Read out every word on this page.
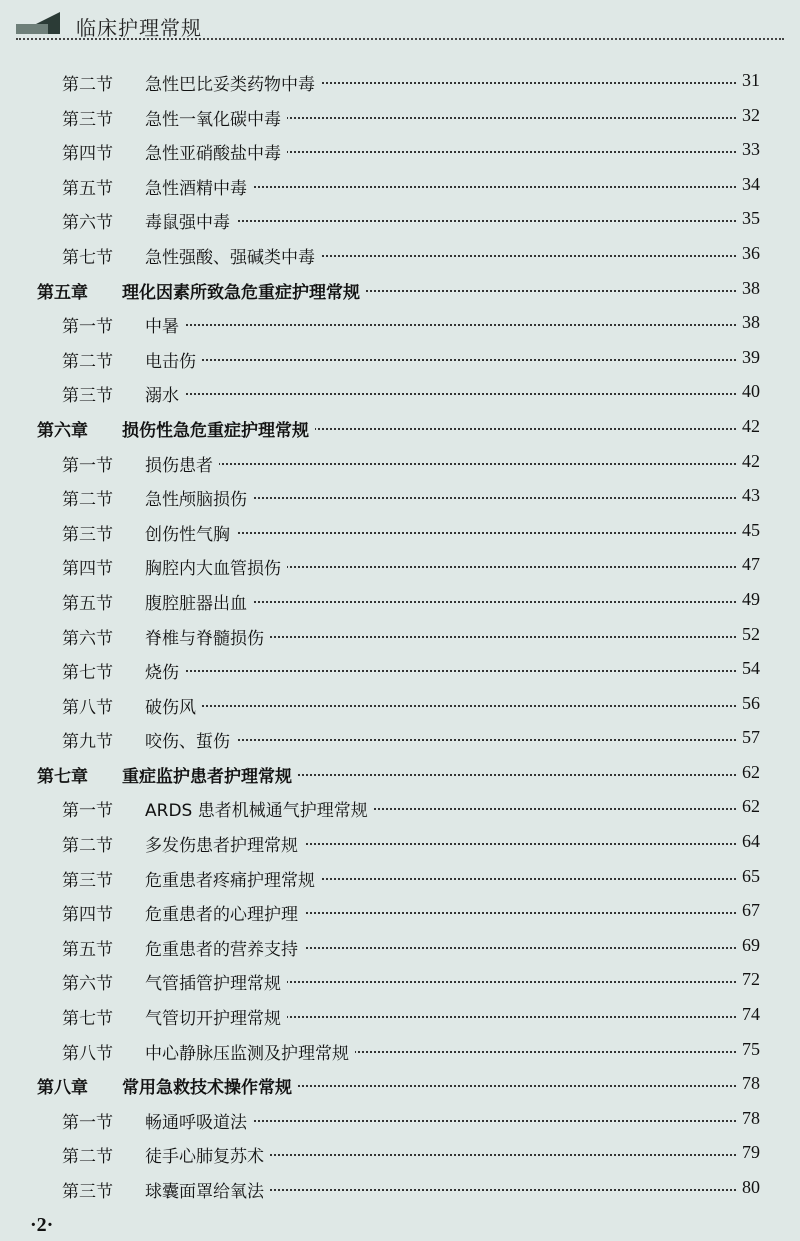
临床护理常规
第二节 急性巴比妥类药物中毒	31
第三节 急性一氧化碳中毒	32
第四节 急性亚硝酸盐中毒	33
第五节 急性酒精中毒	34
第六节 毒鼠强中毒	35
第七节 急性强酸、强碱类中毒	36
第五章 理化因素所致急危重症护理常规	38
第一节 中暑	38
第二节 电击伤	39
第三节 溺水	40
第六章 损伤性急危重症护理常规	42
第一节 损伤患者	42
第二节 急性颅脑损伤	43
第三节 创伤性气胸	45
第四节 胸腔内大血管损伤	47
第五节 腹腔脏器出血	49
第六节 脊椎与脊髓损伤	52
第七节 烧伤	54
第八节 破伤风	56
第九节 咬伤、蜇伤	57
第七章 重症监护患者护理常规	62
第一节 ARDS 患者机械通气护理常规	62
第二节 多发伤患者护理常规	64
第三节 危重患者疼痛护理常规	65
第四节 危重患者的心理护理	67
第五节 危重患者的营养支持	69
第六节 气管插管护理常规	72
第七节 气管切开护理常规	74
第八节 中心静脉压监测及护理常规	75
第八章 常用急救技术操作常规	78
第一节 畅通呼吸道法	78
第二节 徒手心肺复苏术	79
第三节 球囊面罩给氧法	80
·2·
